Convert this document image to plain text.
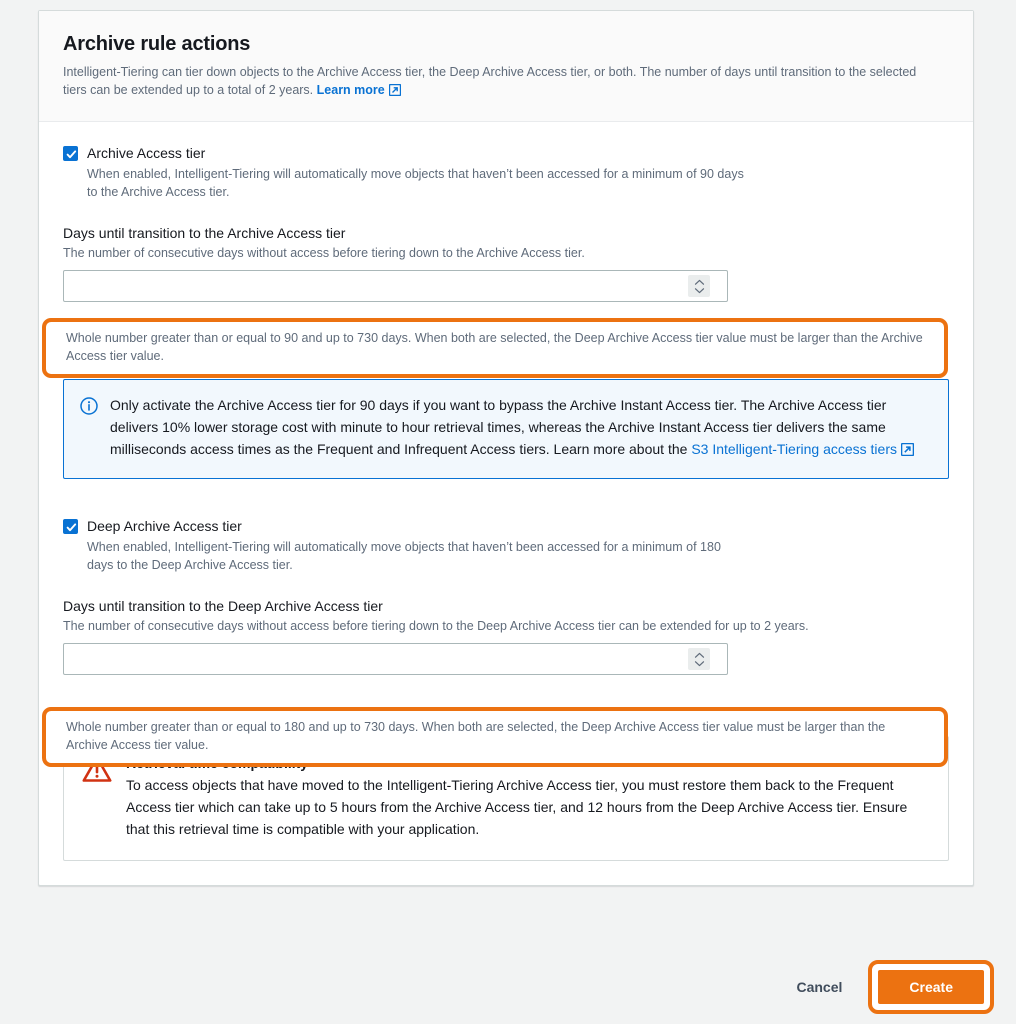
Archive rule actions
Intelligent-Tiering can tier down objects to the Archive Access tier, the Deep Archive Access tier, or both. The number of days until transition to the selected tiers can be extended up to a total of 2 years. Learn more
Archive Access tier
When enabled, Intelligent-Tiering will automatically move objects that haven’t been accessed for a minimum of 90 days to the Archive Access tier.
Days until transition to the Archive Access tier
The number of consecutive days without access before tiering down to the Archive Access tier.
Only activate the Archive Access tier for 90 days if you want to bypass the Archive Instant Access tier. The Archive Access tier delivers 10% lower storage cost with minute to hour retrieval times, whereas the Archive Instant Access tier delivers the same milliseconds access times as the Frequent and Infrequent Access tiers. Learn more about the S3 Intelligent-Tiering access tiers
Deep Archive Access tier
When enabled, Intelligent-Tiering will automatically move objects that haven’t been accessed for a minimum of 180 days to the Deep Archive Access tier.
Days until transition to the Deep Archive Access tier
The number of consecutive days without access before tiering down to the Deep Archive Access tier can be extended for up to 2 years.
To access objects that have moved to the Intelligent-Tiering Archive Access tier, you must restore them back to the Frequent Access tier which can take up to 5 hours from the Archive Access tier, and 12 hours from the Deep Archive Access tier. Ensure that this retrieval time is compatible with your application.
Whole number greater than or equal to 90 and up to 730 days. When both are selected, the Deep Archive Access tier value must be larger than the Archive Access tier value.
Whole number greater than or equal to 180 and up to 730 days. When both are selected, the Deep Archive Access tier value must be larger than the Archive Access tier value.
Cancel	Create
